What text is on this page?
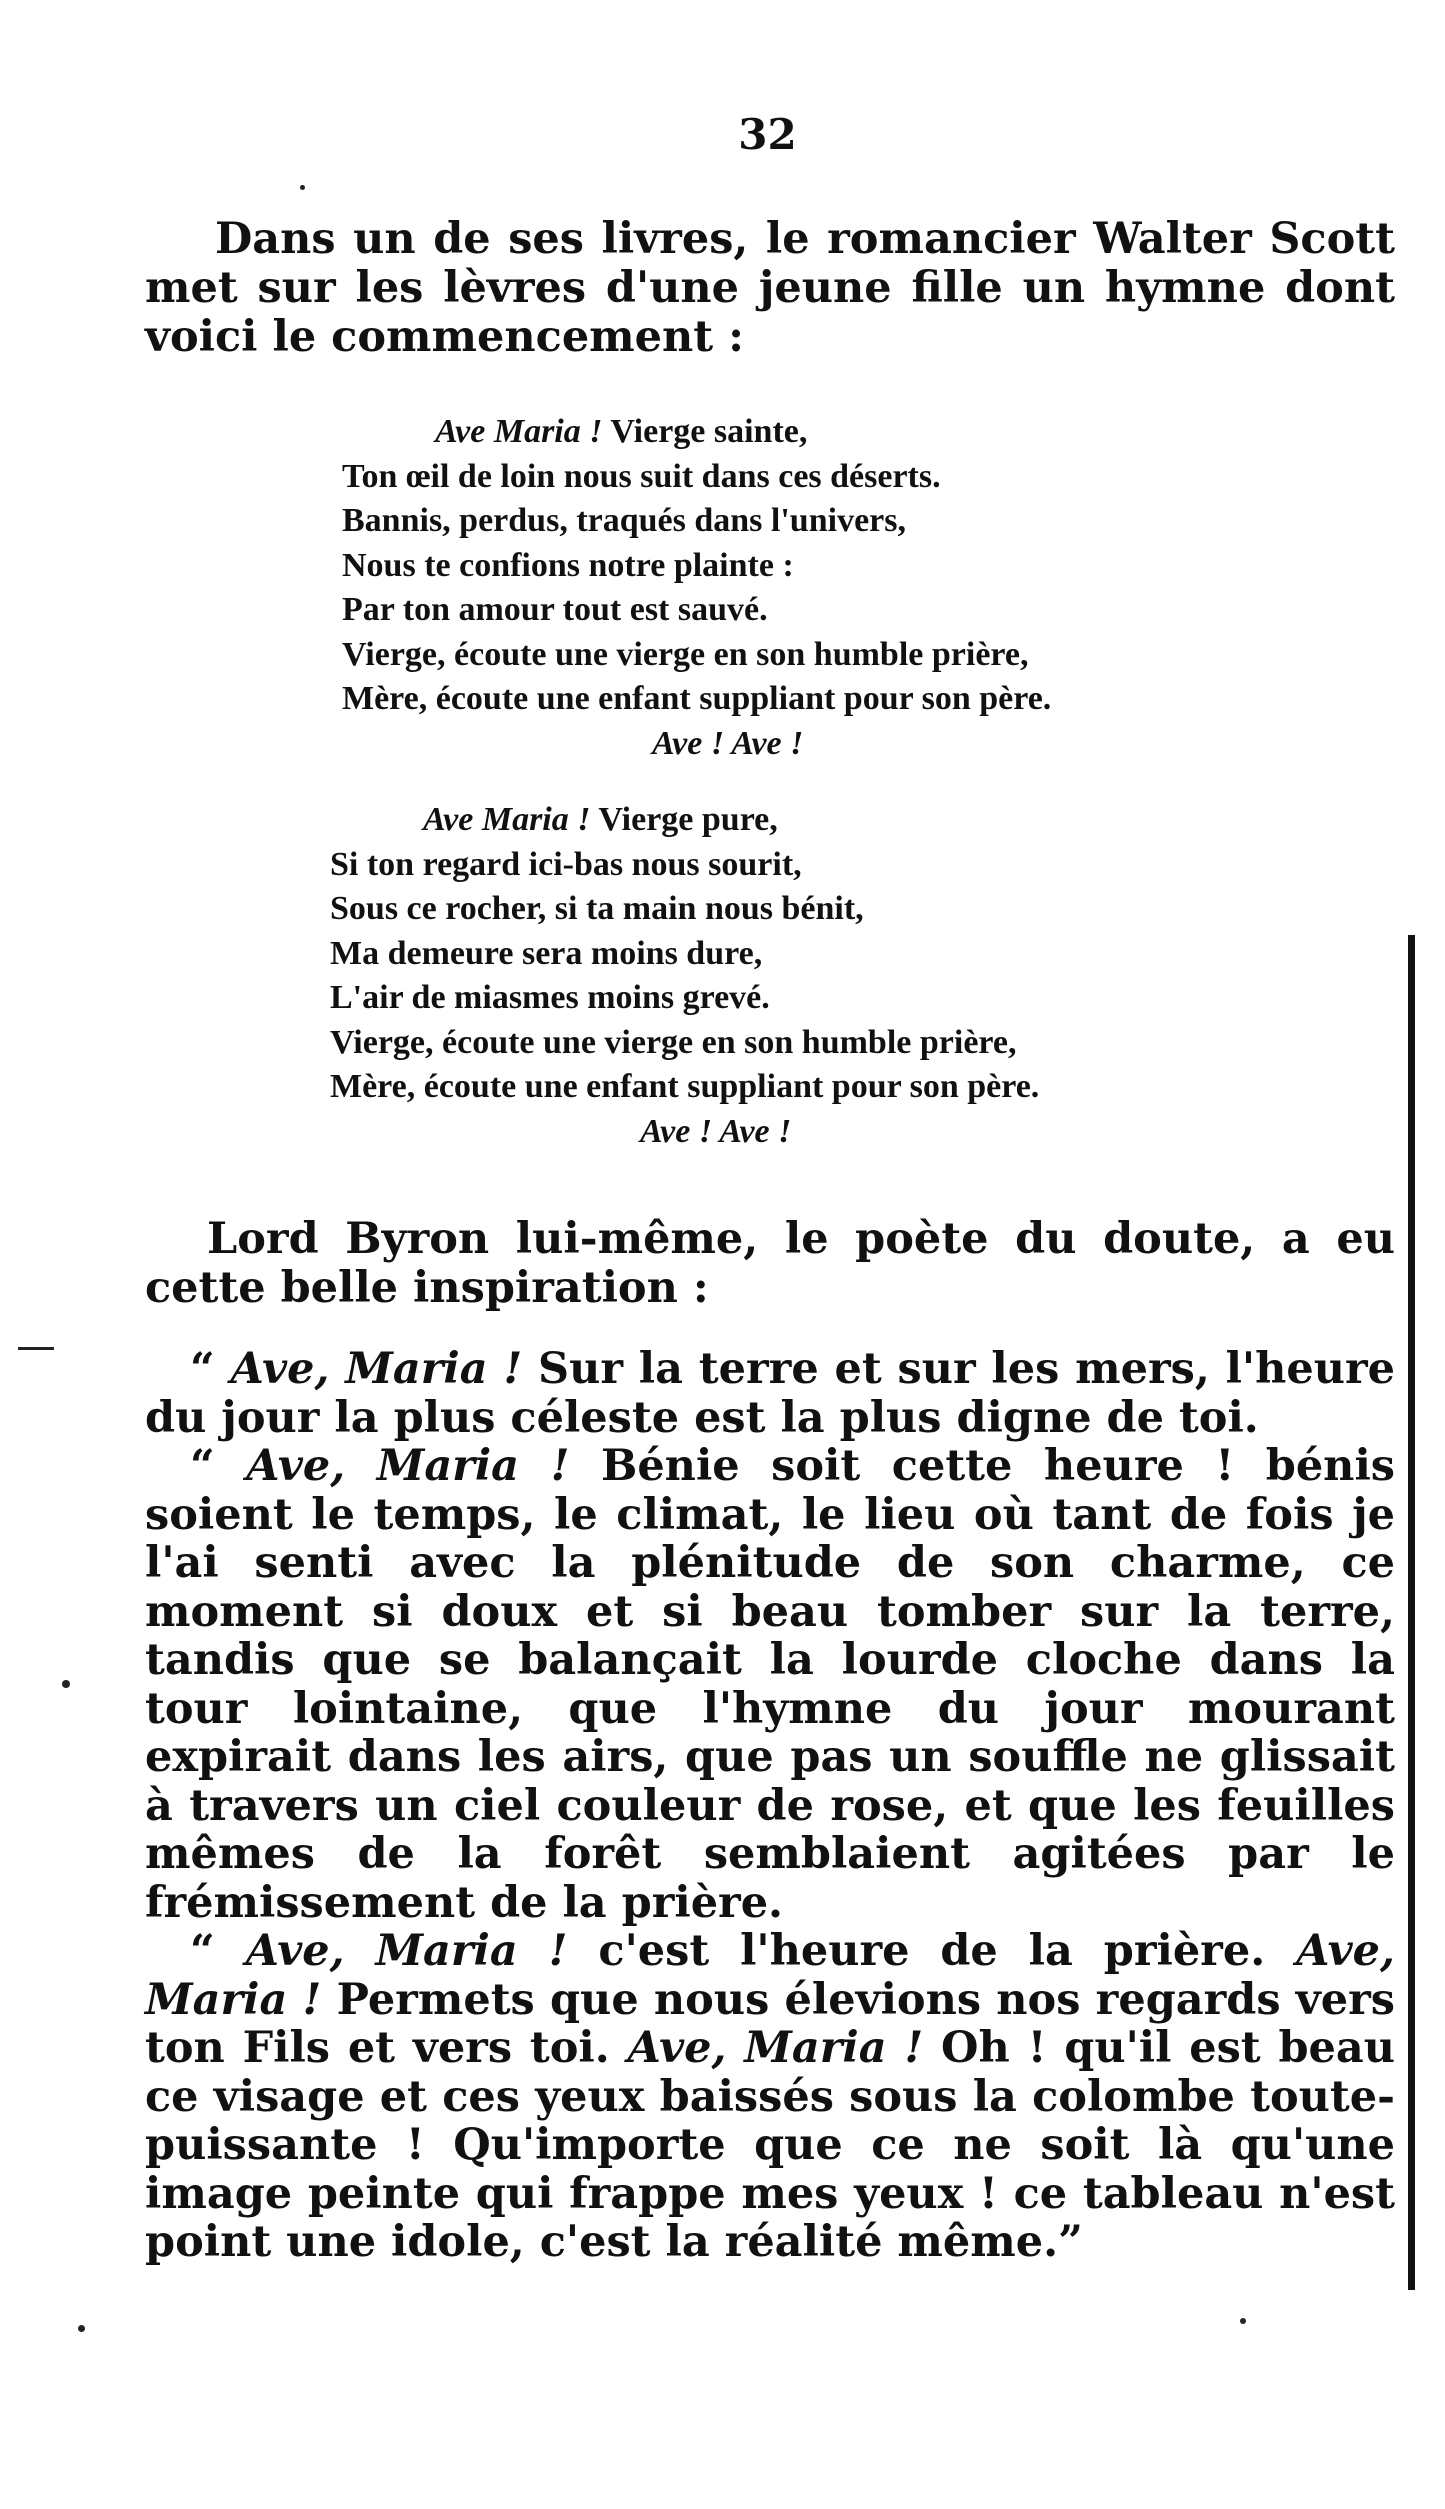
32

Dans un de ses livres, le romancier Walter Scott met sur les lèvres d'une jeune fille un hymne dont voici le commencement :

Ave Maria ! Vierge sainte,
Ton œil de loin nous suit dans ces déserts.
Bannis, perdus, traqués dans l'univers,
Nous te confions notre plainte :
Par ton amour tout est sauvé.
Vierge, écoute une vierge en son humble prière,
Mère, écoute une enfant suppliant pour son père.
Ave ! Ave !
Ave Maria ! Vierge pure,
Si ton regard ici-bas nous sourit,
Sous ce rocher, si ta main nous bénit,
Ma demeure sera moins dure,
L'air de miasmes moins grevé.
Vierge, écoute une vierge en son humble prière,
Mère, écoute une enfant suppliant pour son père.
Ave ! Ave !

Lord Byron lui-même, le poète du doute, a eu cette belle inspiration :

“ Ave, Maria ! Sur la terre et sur les mers, l'heure du jour la plus céleste est la plus digne de toi.

“ Ave, Maria ! Bénie soit cette heure ! bénis soient le temps, le climat, le lieu où tant de fois je l'ai senti avec la plénitude de son charme, ce moment si doux et si beau tomber sur la terre, tandis que se balançait la lourde cloche dans la tour lointaine, que l'hymne du jour mourant expirait dans les airs, que pas un souffle ne glissait à travers un ciel couleur de rose, et que les feuilles mêmes de la forêt semblaient agitées par le frémissement de la prière.

“ Ave, Maria ! c'est l'heure de la prière. Ave, Maria ! Permets que nous élevions nos regards vers ton Fils et vers toi. Ave, Maria ! Oh ! qu'il est beau ce visage et ces yeux baissés sous la colombe toute-puissante ! Qu'importe que ce ne soit là qu'une image peinte qui frappe mes yeux ! ce tableau n'est point une idole, c'est la réalité même.”
